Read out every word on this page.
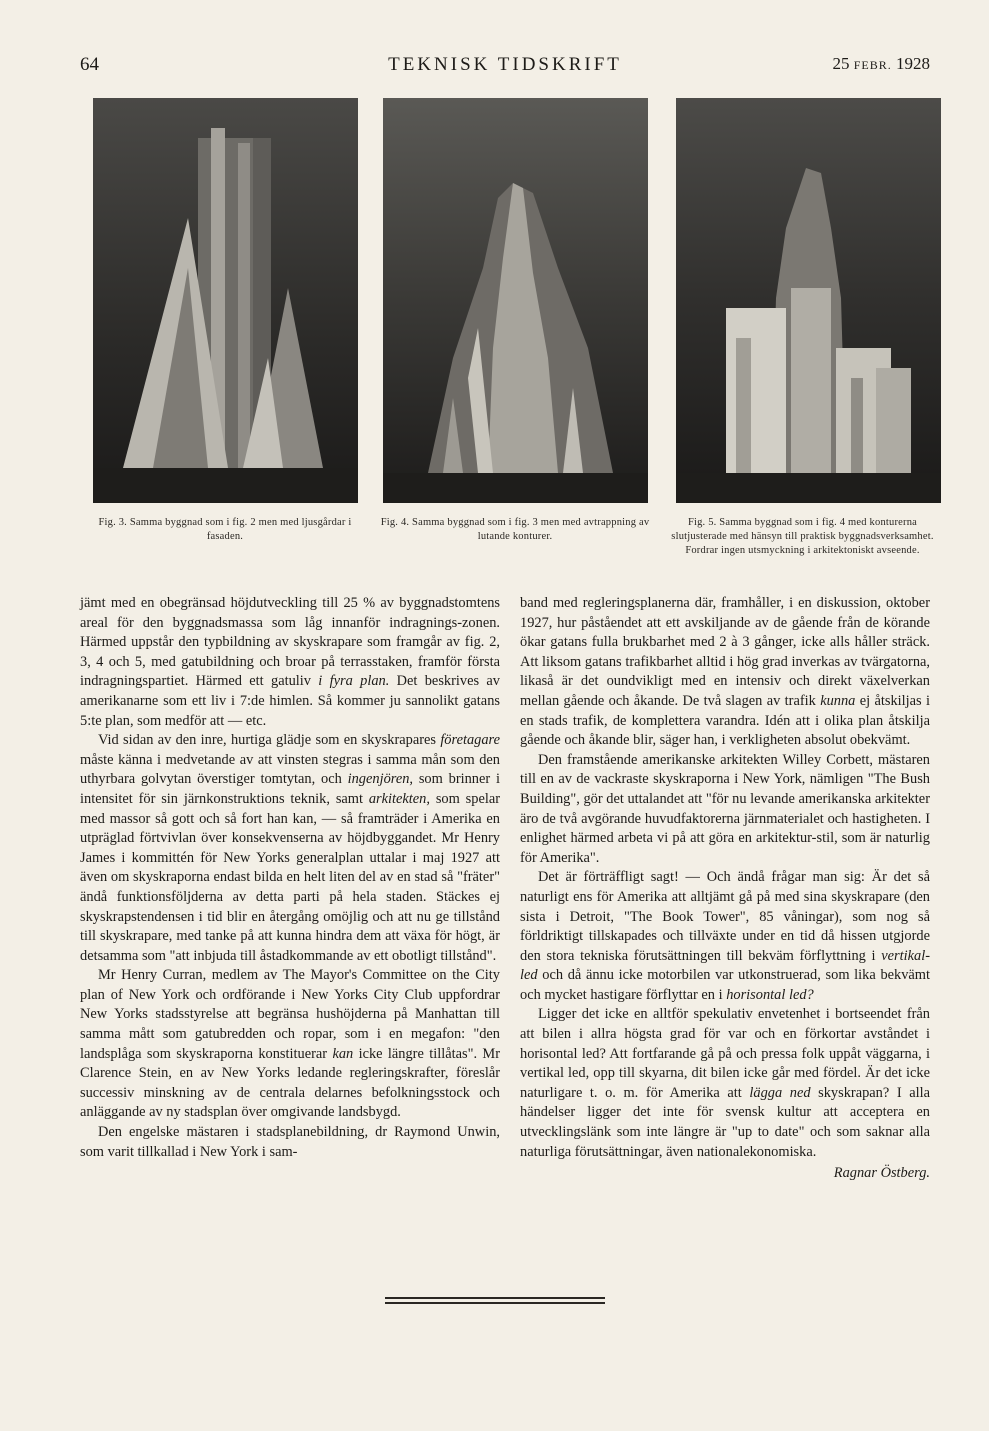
64	TEKNISK TIDSKRIFT	25 FEBR. 1928
Fig. 3. Samma byggnad som i fig. 2 men med ljusgårdar i fasaden.
Fig. 4. Samma byggnad som i fig. 3 men med avtrappning av lutande konturer.
Fig. 5. Samma byggnad som i fig. 4 med konturerna slutjusterade med hänsyn till praktisk byggnadsverksamhet. Fordrar ingen utsmyckning i arkitektoniskt avseende.

jämt med en obegränsad höjdutveckling till 25 % av byggnadstomtens areal för den byggnadsmassa som låg innanför indragnings-zonen. Härmed uppstår den typbildning av skyskrapare som framgår av fig. 2, 3, 4 och 5, med gatubildning och broar på terrasstaken, framför första indragningspartiet. Härmed ett gatuliv i fyra plan. Det beskrives av amerikanarne som ett liv i 7:de himlen. Så kommer ju sannolikt gatans 5:te plan, som medför att — etc.

Vid sidan av den inre, hurtiga glädje som en skyskrapares företagare måste känna i medvetande av att vinsten stegras i samma mån som den uthyrbara golvytan överstiger tomtytan, och ingenjören, som brinner i intensitet för sin järnkonstruktions teknik, samt arkitekten, som spelar med massor så gott och så fort han kan, — så framträder i Amerika en utpräglad förtvivlan över konsekvenserna av höjdbyggandet. Mr Henry James i kommittén för New Yorks generalplan uttalar i maj 1927 att även om skyskraporna endast bilda en helt liten del av en stad så "fräter" ändå funktionsföljderna av detta parti på hela staden. Stäckes ej skyskrapstendensen i tid blir en återgång omöjlig och att nu ge tillstånd till skyskrapare, med tanke på att kunna hindra dem att växa för högt, är detsamma som "att inbjuda till åstadkommande av ett obotligt tillstånd".

Mr Henry Curran, medlem av The Mayor's Committee on the City plan of New York och ordförande i New Yorks City Club uppfordrar New Yorks stadsstyrelse att begränsa hushöjderna på Manhattan till samma mått som gatubredden och ropar, som i en megafon: "den landsplåga som skyskraporna konstituerar kan icke längre tillåtas". Mr Clarence Stein, en av New Yorks ledande regleringskrafter, föreslår successiv minskning av de centrala delarnes befolkningsstock och anläggande av ny stadsplan över omgivande landsbygd.

Den engelske mästaren i stadsplanebildning, dr Raymond Unwin, som varit tillkallad i New York i sam-

band med regleringsplanerna där, framhåller, i en diskussion, oktober 1927, hur påståendet att ett avskiljande av de gående från de körande ökar gatans fulla brukbarhet med 2 à 3 gånger, icke alls håller sträck. Att liksom gatans trafikbarhet alltid i hög grad inverkas av tvärgatorna, likaså är det oundvikligt med en intensiv och direkt växelverkan mellan gående och åkande. De två slagen av trafik kunna ej åtskiljas i en stads trafik, de komplettera varandra. Idén att i olika plan åtskilja gående och åkande blir, säger han, i verkligheten absolut obekvämt.

Den framstående amerikanske arkitekten Willey Corbett, mästaren till en av de vackraste skyskraporna i New York, nämligen "The Bush Building", gör det uttalandet att "för nu levande amerikanska arkitekter äro de två avgörande huvudfaktorerna järnmaterialet och hastigheten. I enlighet härmed arbeta vi på att göra en arkitektur-stil, som är naturlig för Amerika".

Det är förträffligt sagt! — Och ändå frågar man sig: Är det så naturligt ens för Amerika att alltjämt gå på med sina skyskrapare (den sista i Detroit, "The Book Tower", 85 våningar), som nog så förldriktigt tillskapades och tillväxte under en tid då hissen utgjorde den stora tekniska förutsättningen till bekväm förflyttning i vertikal-led och då ännu icke motorbilen var utkonstruerad, som lika bekvämt och mycket hastigare förflyttar en i horisontal led?

Ligger det icke en alltför spekulativ envetenhet i bortseendet från att bilen i allra högsta grad för var och en förkortar avståndet i horisontal led? Att fortfarande gå på och pressa folk uppåt väggarna, i vertikal led, opp till skyarna, dit bilen icke går med fördel. Är det icke naturligare t. o. m. för Amerika att lägga ned skyskrapan? I alla händelser ligger det inte för svensk kultur att acceptera en utvecklingslänk som inte längre är "up to date" och som saknar alla naturliga förutsättningar, även nationalekonomiska.

Ragnar Östberg.
